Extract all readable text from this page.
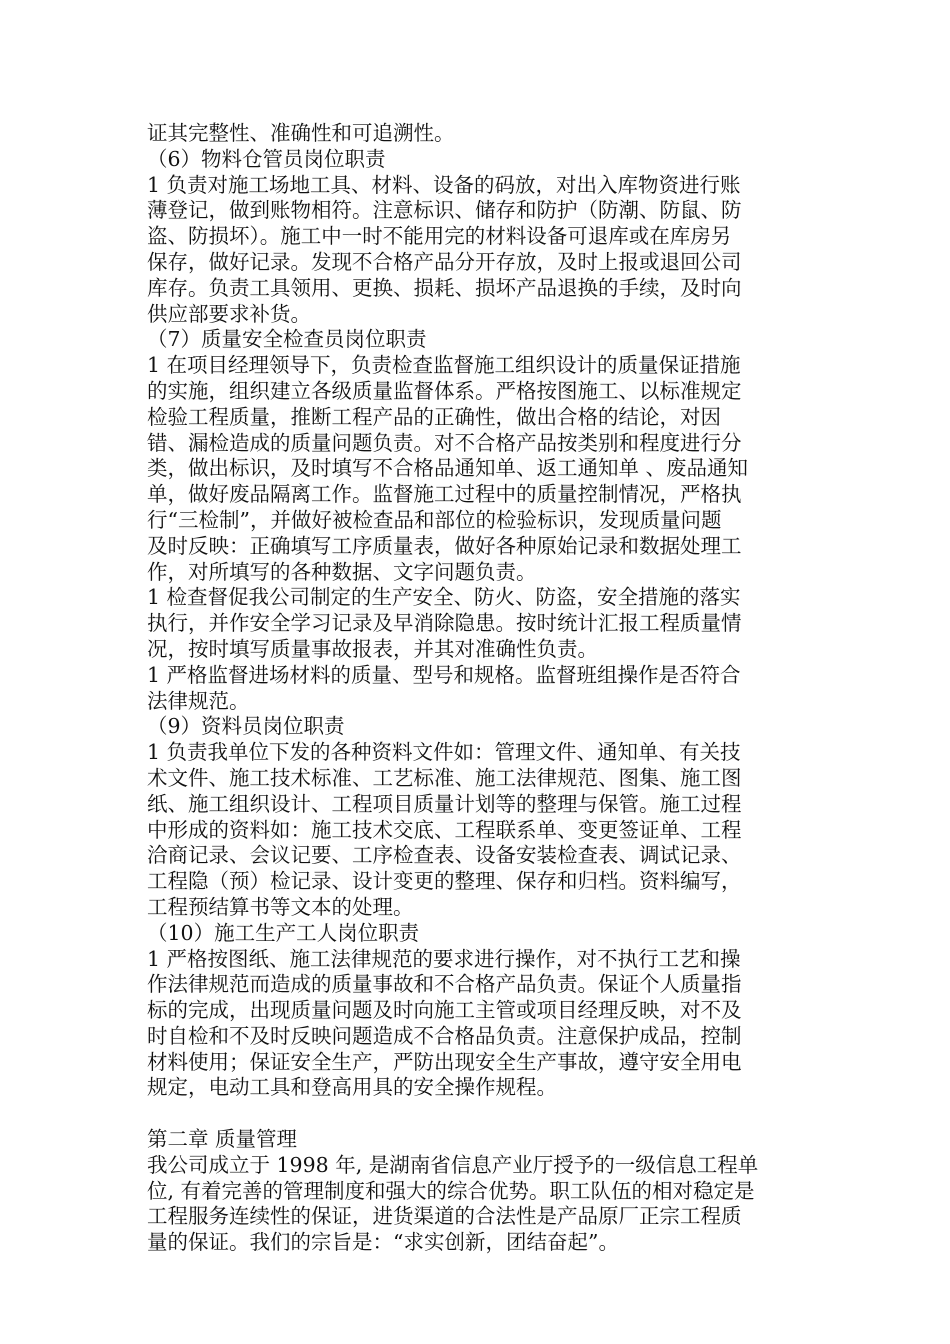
证其完整性、准确性和可追溯性。
（6）物料仓管员岗位职责
1 负责对施工场地工具、材料、设备的码放，对出入库物资进行账
薄登记，做到账物相符。注意标识、储存和防护（防潮、防鼠、防
盗、防损坏）。施工中一时不能用完的材料设备可退库或在库房另
保存，做好记录。发现不合格产品分开存放，及时上报或退回公司
库存。负责工具领用、更换、损耗、损坏产品退换的手续，及时向
供应部要求补货。
（7）质量安全检查员岗位职责
1 在项目经理领导下，负责检查监督施工组织设计的质量保证措施
的实施，组织建立各级质量监督体系。严格按图施工、以标准规定
检验工程质量，推断工程产品的正确性，做出合格的结论，对因
错、漏检造成的质量问题负责。对不合格产品按类别和程度进行分
类，做出标识，及时填写不合格品通知单、返工通知单 、废品通知
单，做好废品隔离工作。监督施工过程中的质量控制情况，严格执
行“三检制”，并做好被检查品和部位的检验标识，发现质量问题
及时反映：正确填写工序质量表，做好各种原始记录和数据处理工
作，对所填写的各种数据、文字问题负责。
1 检查督促我公司制定的生产安全、防火、防盗，安全措施的落实
执行，并作安全学习记录及早消除隐患。按时统计汇报工程质量情
况，按时填写质量事故报表，并其对准确性负责。
1 严格监督进场材料的质量、型号和规格。监督班组操作是否符合
法律规范。
（9）资料员岗位职责
1 负责我单位下发的各种资料文件如：管理文件、通知单、有关技
术文件、施工技术标准、工艺标准、施工法律规范、图集、施工图
纸、施工组织设计、工程项目质量计划等的整理与保管。施工过程
中形成的资料如：施工技术交底、工程联系单、变更签证单、工程
洽商记录、会议记要、工序检查表、设备安装检查表、调试记录、
工程隐（预）检记录、设计变更的整理、保存和归档。资料编写，
工程预结算书等文本的处理。
（10）施工生产工人岗位职责
1 严格按图纸、施工法律规范的要求进行操作，对不执行工艺和操
作法律规范而造成的质量事故和不合格产品负责。保证个人质量指
标的完成，出现质量问题及时向施工主管或项目经理反映，对不及
时自检和不及时反映问题造成不合格品负责。注意保护成品，控制
材料使用；保证安全生产，严防出现安全生产事故，遵守安全用电
规定，电动工具和登高用具的安全操作规程。
第二章 质量管理
我公司成立于 1998 年, 是湖南省信息产业厅授予的一级信息工程单
位, 有着完善的管理制度和强大的综合优势。职工队伍的相对稳定是
工程服务连续性的保证，进货渠道的合法性是产品原厂正宗工程质
量的保证。我们的宗旨是：“求实创新，团结奋起”。
